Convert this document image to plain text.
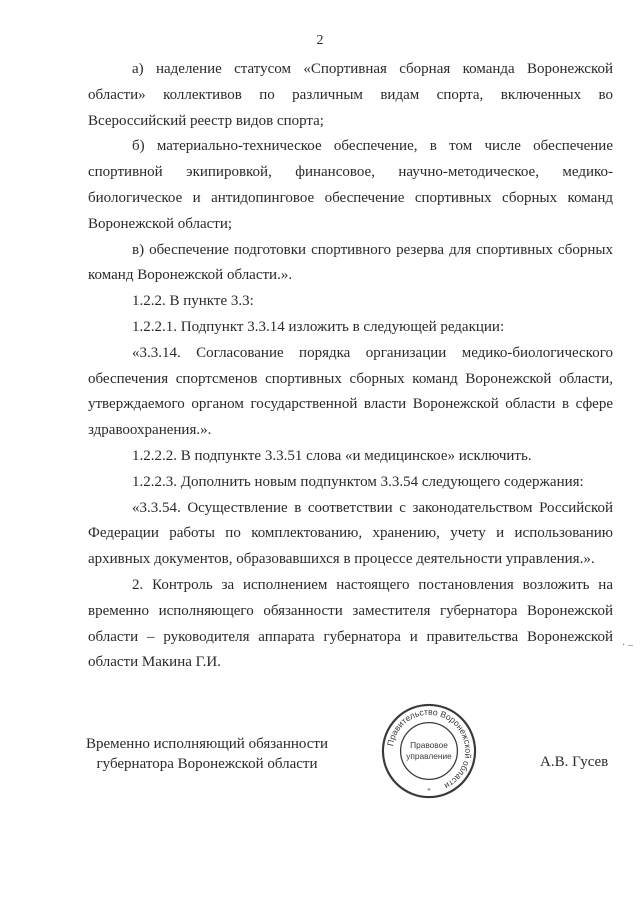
2

а) наделение статусом «Спортивная сборная команда Воронежской области» коллективов по различным видам спорта, включенных во Всероссийский реестр видов спорта;

б) материально-техническое обеспечение, в том числе обеспечение спортивной экипировкой, финансовое, научно-методическое, медико-биологическое и антидопинговое обеспечение спортивных сборных команд Воронежской области;

в) обеспечение подготовки спортивного резерва для спортивных сборных команд Воронежской области.».

1.2.2. В пункте 3.3:

1.2.2.1. Подпункт 3.3.14 изложить в следующей редакции:

«3.3.14. Согласование порядка организации медико-биологического обеспечения спортсменов спортивных сборных команд Воронежской области, утверждаемого органом государственной власти Воронежской области в сфере здравоохранения.».

1.2.2.2. В подпункте 3.3.51 слова «и медицинское» исключить.

1.2.2.3. Дополнить новым подпунктом 3.3.54 следующего содержания:

«3.3.54. Осуществление в соответствии с законодательством Российской Федерации работы по комплектованию, хранению, учету и использованию архивных документов, образовавшихся в процессе деятельности управления.».

2. Контроль за исполнением настоящего постановления возложить на временно исполняющего обязанности заместителя губернатора Воронежской области – руководителя аппарата губернатора и правительства Воронежской области Макина Г.И.

· –
Временно исполняющий обязанности
губернатора Воронежской области
Правительство Воронежской области
Правовое
управление
*
А.В. Гусев
